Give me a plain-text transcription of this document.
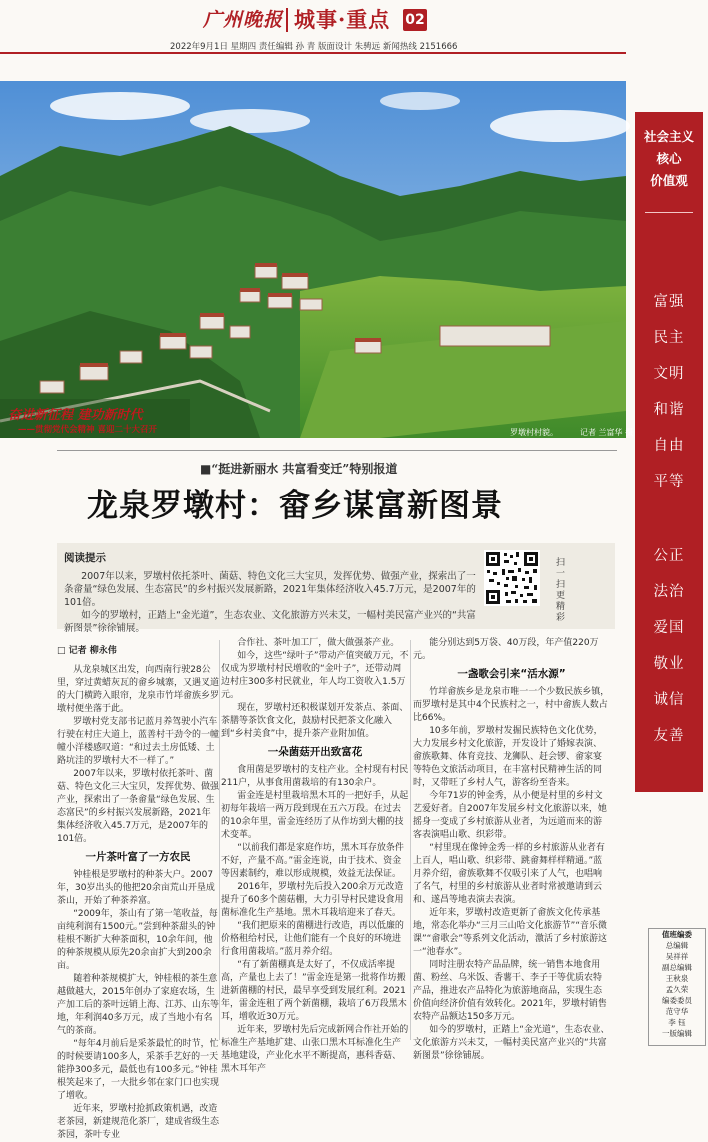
广州晚报 城事·重点 02
2022年9月1日 星期四 责任编辑 孙 青 版面设计 朱骋远 新闻热线 2151666
奋进新征程 建功新时代
——贯彻党代会精神 喜迎二十大召开	罗墩村村貌。	记者 兰富华 摄
社会主义
核心
价值观
富强
民主
文明
和谐
自由
平等
公正
法治
爱国
敬业
诚信
友善
值班编委
总编辑
吴祥祥
副总编辑
王秋泉
孟久荣
编委委员
范守华
李 钰
一版编辑
■“挺进新丽水 共富看变迁”特别报道
龙泉罗墩村：畲乡谋富新图景
阅读提示

2007年以来，罗墩村依托茶叶、菌菇、特色文化三大宝贝，发挥优势、做强产业，探索出了一条畲量“绿色发展、生态富民”的乡村振兴发展新路，2021年集体经济收入45.7万元，是2007年的101倍。

如今的罗墩村，正踏上“金光道”，生态农业、文化旅游方兴未艾，一幅村美民富产业兴的“共富新图景”徐徐铺展。

扫一扫 更精彩

□ 记者 柳永伟

从龙泉城区出发，向西南行驶28公里，穿过黄蜡灰瓦的畲乡城寨，又遇叉道的大门横跨入眼帘，龙泉市竹垟畲族乡罗墩村便坐落于此。

罗墩村党支部书记蓝月养驾驶小汽车行驶在村庄大道上，蓝善村干劲令的一幢幢小洋楼感叹道：“和过去土房低矮、土路坑洼的罗墩村大不一样了。”

2007年以来，罗墩村依托茶叶、菌菇、特色文化三大宝贝，发挥优势、做强产业，探索出了一条畲量“绿色发展、生态富民”的乡村振兴发展新路，2021年集体经济收入45.7万元，是2007年的101倍。

一片茶叶富了一方农民

钟桂根是罗墩村的种茶大户。2007年，30岁出头的他把20余亩荒山开垦成茶山，开始了种茶养富。

“2009年，茶山有了第一笔收益，每亩纯利润有1500元。”尝到种茶甜头的钟桂根不断扩大种茶面积，10余年间，他的种茶规模从原先20余亩扩大到200余亩。

随着种茶规模扩大，钟桂根的茶生意越做越大，2015年创办了家庭农场，生产加工后的茶叶远销上海、江苏、山东等地，年利润40多万元，成了当地小有名气的茶商。

“每年4月前后是采茶最忙的时节，忙的时候要请100多人，采茶手艺好的一天能挣300多元，最低也有100多元。”钟桂根笑起来了，一大批乡邻在家门口也实现了增收。

近年来，罗墩村抢抓政策机遇，改造老茶园，新建规范化茶厂，建成省级生态茶园，茶叶专业

合作社、茶叶加工厂，做大做强茶产业。

如今，这些“绿叶子”带动产值突破万元，不仅成为罗墩村村民增收的“金叶子”，还带动周边村庄300多村民就业，年人均工资收入1.5万元。

现在，罗墩村还积极谋划开发茶点、茶面、茶膳等茶饮食文化，鼓励村民把茶文化融入到“乡村美食”中，提升茶产业附加值。

一朵菌菇开出致富花

食用菌是罗墩村的支柱产业。全村现有村民211户，从事食用菌栽培的有130余户。

雷金连是村里栽培黑木耳的一把好手，从起初每年栽培一两万段到现在五六万段。在过去的10余年里，雷金连经历了从作坊到大棚的技术变革。

“以前我们都是家庭作坊，黑木耳存放条件不好，产量不高。”雷金连说，由于技术、资金等因素制约，难以形成规模，效益无法保证。

2016年，罗墩村先后投入200余万元改造提升了60多个菌菇棚，大力引导村民建设食用菌标准化生产基地。黑木耳栽培迎来了春天。

“我们把原来的菌棚进行改造，再以低廉的价格租给村民，让他们能有一个良好的环境进行食用菌栽培。”蓝月养介绍。

“有了新菌棚真是太好了，不仅成活率提高，产量也上去了！”雷金连是第一批将作坊搬进新菌棚的村民，最早享受到发展红利。2021年，雷金连租了两个新菌棚，栽培了6万段黑木耳，增收近30万元。

近年来，罗墩村先后完成新网合作社开始的标准生产基地扩建、山张口黑木耳标准化生产基地建设，产业化水平不断提高，惠科香菇、黑木耳年产

能分别达到5万袋、40万段，年产值220万元。

一盏歌会引来“活水源”

竹垟畲族乡是龙泉市唯一一个少数民族乡镇，而罗墩村是其中4个民族村之一，村中畲族人数占比66%。

10多年前，罗墩村发掘民族特色文化优势，大力发展乡村文化旅游，开发设计了婚嫁表演、畲族歌舞、体育竞技、龙狮队、赶会锣、畲家宴等特色文旅活动项目，在丰富村民精神生活的同时，又带旺了乡村人气，游客纷至沓来。

今年71岁的钟金秀，从小便是村里的乡村文艺爱好者。自2007年发展乡村文化旅游以来，她摇身一变成了乡村旅游从业者，为远道而来的游客表演唱山歌、织彩带。

“村里现在像钟金秀一样的乡村旅游从业者有上百人，唱山歌、织彩带、跳畲舞样样精通。”蓝月养介绍，畲族歌舞不仅吸引来了人气，也唱响了名气，村里的乡村旅游从业者时常被邀请到云和、遂昌等地表演去表演。

近年来，罗墩村改造更新了畲族文化传承基地，常态化举办“三月三山哈文化旅游节”“音乐微课”“畲歌会”等系列文化活动，激活了乡村旅游这一“池春水”。

同时注册农特产品品牌，统一销售本地食用菌、粉丝、乌米饭、香薯干、李子干等优质农特产品，推进农产品特化为旅游地商品，实现生态价值向经济价值有效转化。2021年，罗墩村销售农特产品额达150多万元。

如今的罗墩村，正踏上“金光道”，生态农业、文化旅游方兴未艾，一幅村美民富产业兴的“共富新图景”徐徐铺展。
